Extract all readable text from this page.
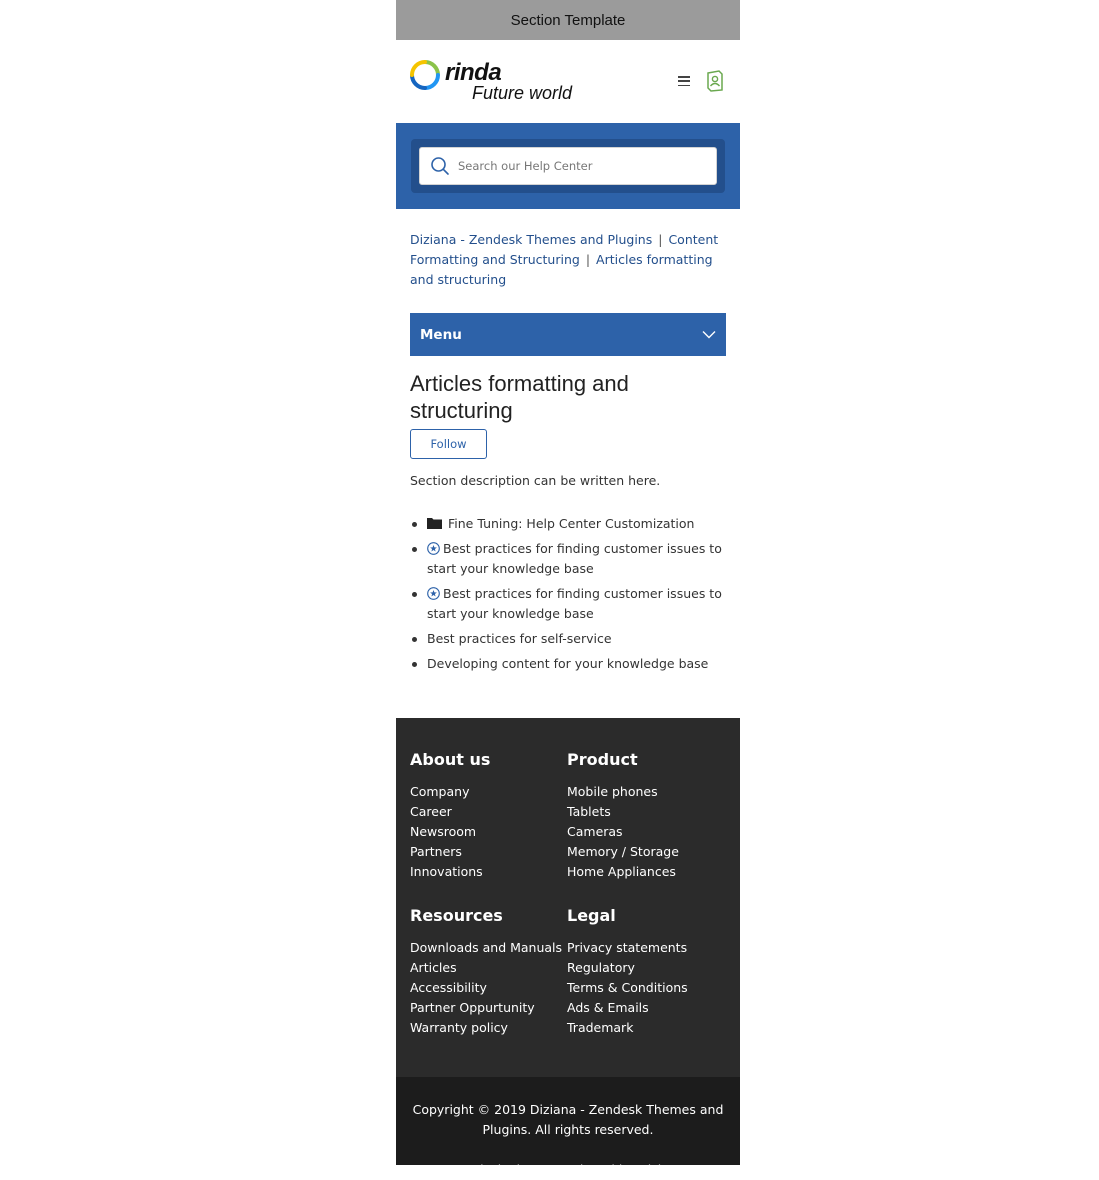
Section Template
rinda
Future world
Search our Help Center
Diziana - Zendesk Themes and Plugins | Content Formatting and Structuring | Articles formatting and structuring
Menu
Articles formatting and structuring
Follow

Section description can be written here.

Fine Tuning: Help Center Customization
Best practices for finding customer issues to start your knowledge base
Best practices for finding customer issues to start your knowledge base
Best practices for self-service
Developing content for your knowledge base
About us
Company
Career
Newsroom
Partners
Innovations
Product
Mobile phones
Tablets
Cameras
Memory / Storage
Home Appliances
Resources
Downloads and Manuals
Articles
Accessibility
Partner Oppurtunity
Warranty policy
Legal
Privacy statements
Regulatory
Terms & Conditions
Ads & Emails
Trademark

Copyright © 2019 Diziana - Zendesk Themes and Plugins. All rights reserved.

Zendesk Theme Designed by Diziana
